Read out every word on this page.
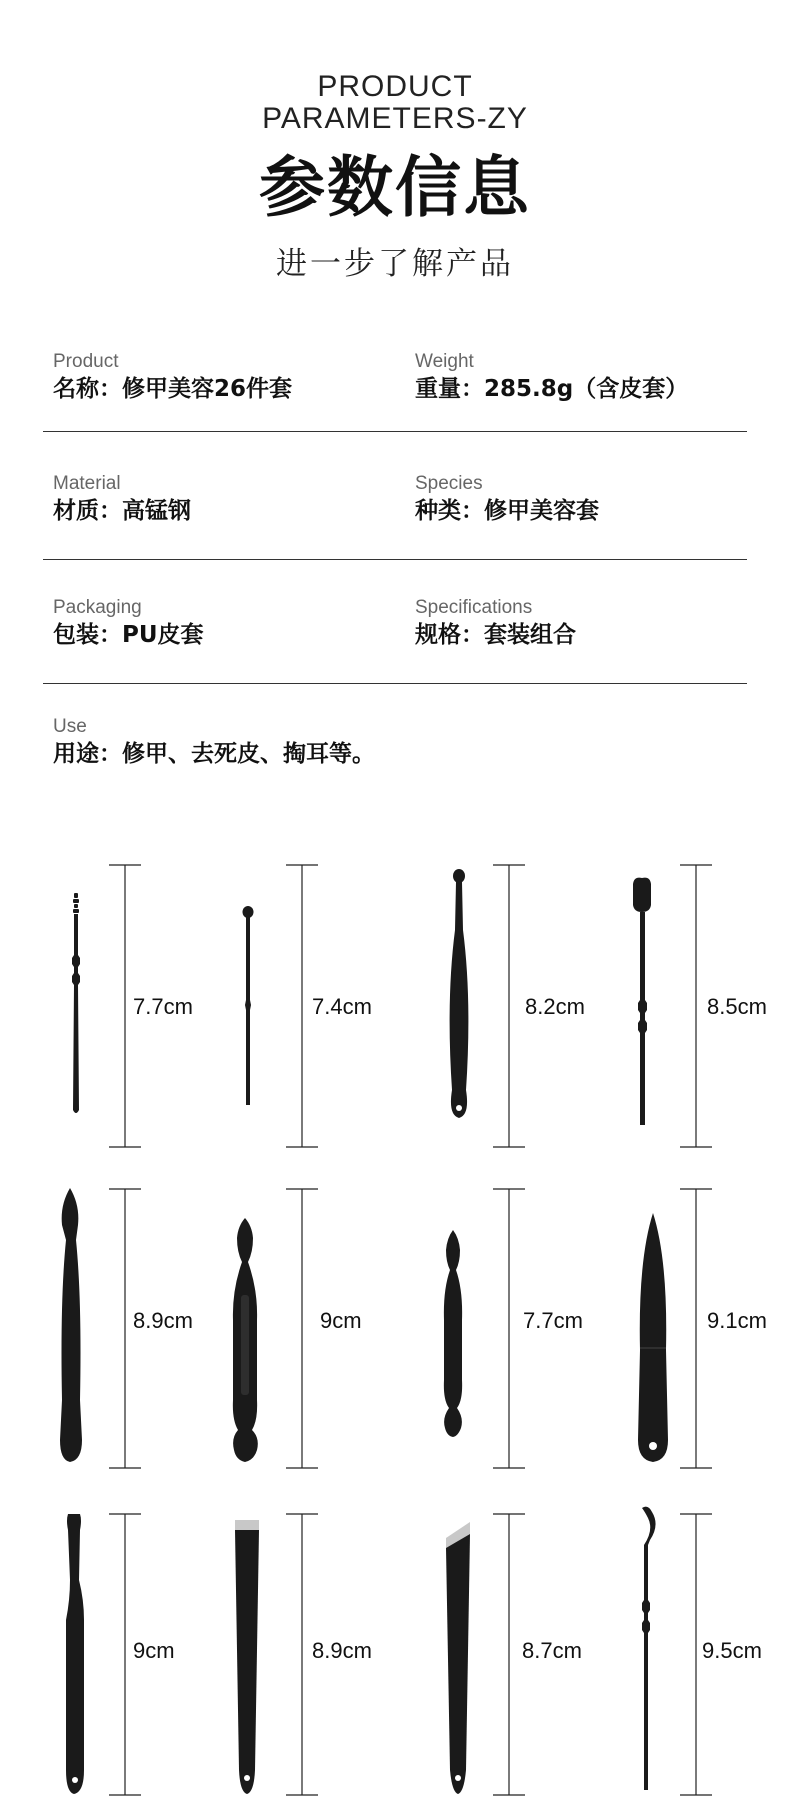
PRODUCT
PARAMETERS-ZY
参数信息
进一步了解产品
Product
名称：修甲美容26件套
Weight
重量：285.8g（含皮套）
Material
材质：高锰钢
Species
种类：修甲美容套
Packaging
包装：PU皮套
Specifications
规格：套装组合
Use
用途：修甲、去死皮、掏耳等。
7.7cm	7.4cm	8.2cm	8.5cm
8.9cm	9cm	7.7cm	9.1cm
9cm	8.9cm	8.7cm	9.5cm
